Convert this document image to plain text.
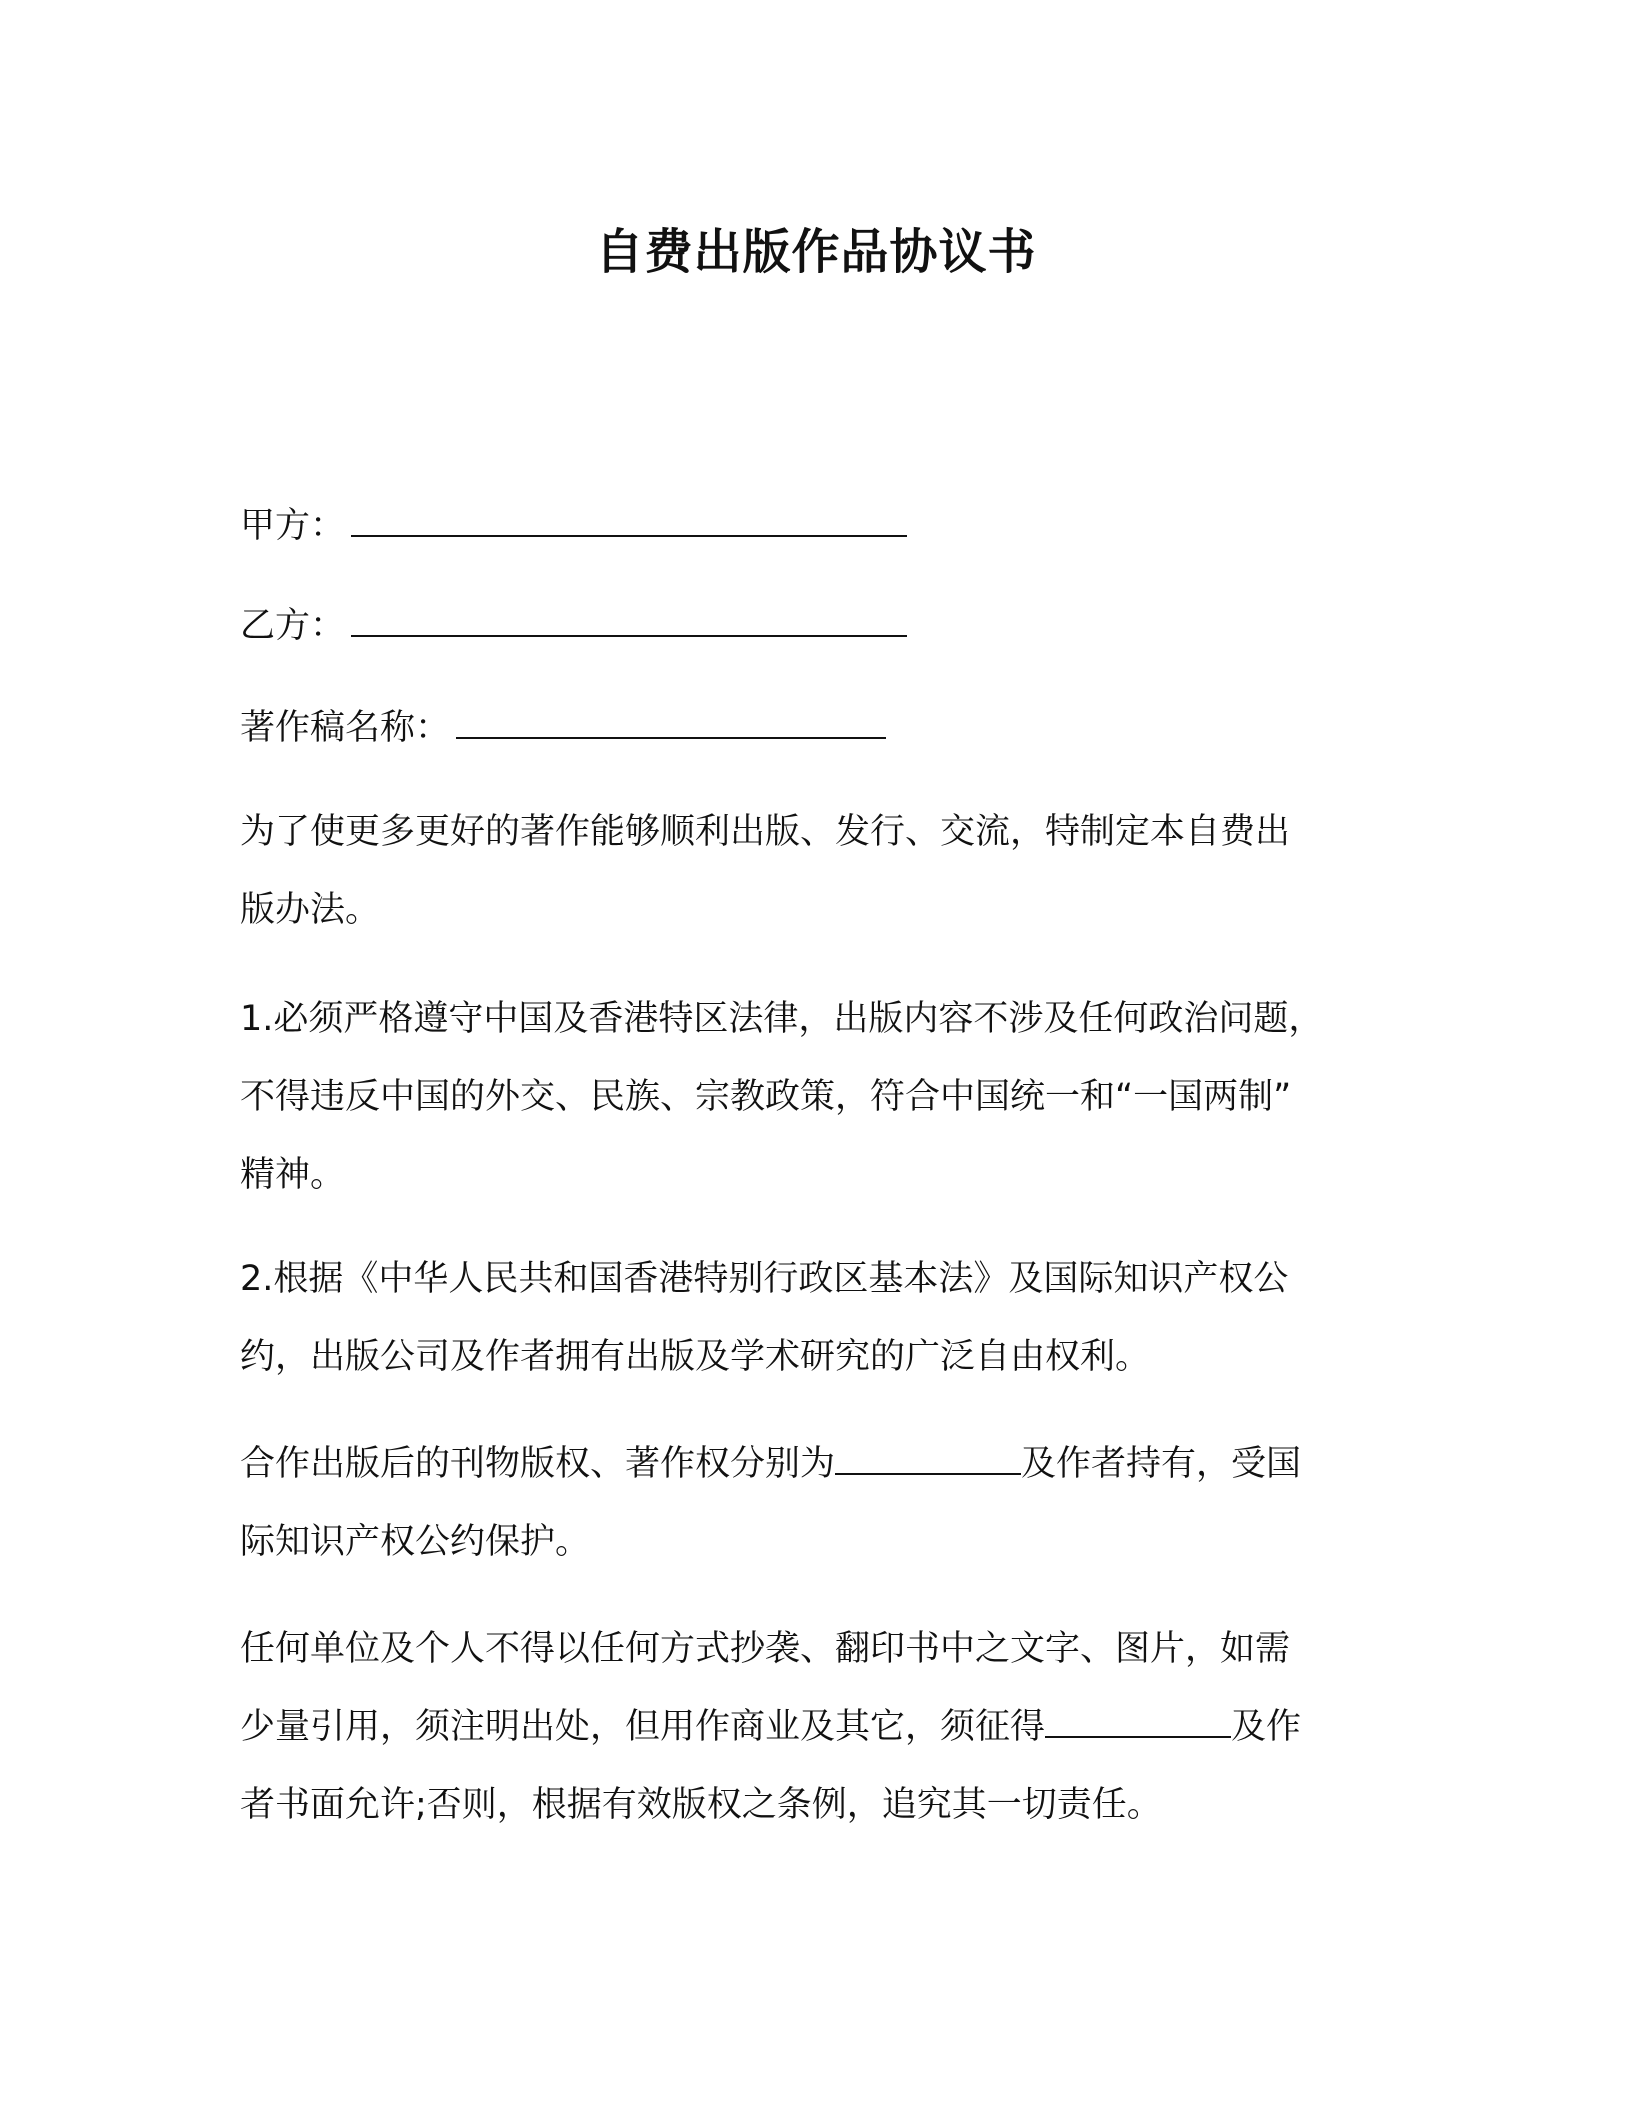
自费出版作品协议书
甲方：
乙方：
著作稿名称：
为了使更多更好的著作能够顺利出版、发行、交流，特制定本自费出
版办法。
1.必须严格遵守中国及香港特区法律，出版内容不涉及任何政治问题，
不得违反中国的外交、民族、宗教政策，符合中国统一和“一国两制”
精神。
2.根据《中华人民共和国香港特别行政区基本法》及国际知识产权公
约，出版公司及作者拥有出版及学术研究的广泛自由权利。
合作出版后的刊物版权、著作权分别为	及作者持有，受国
际知识产权公约保护。
任何单位及个人不得以任何方式抄袭、翻印书中之文字、图片，如需
少量引用，须注明出处，但用作商业及其它，须征得	及作
者书面允许;否则，根据有效版权之条例，追究其一切责任。
